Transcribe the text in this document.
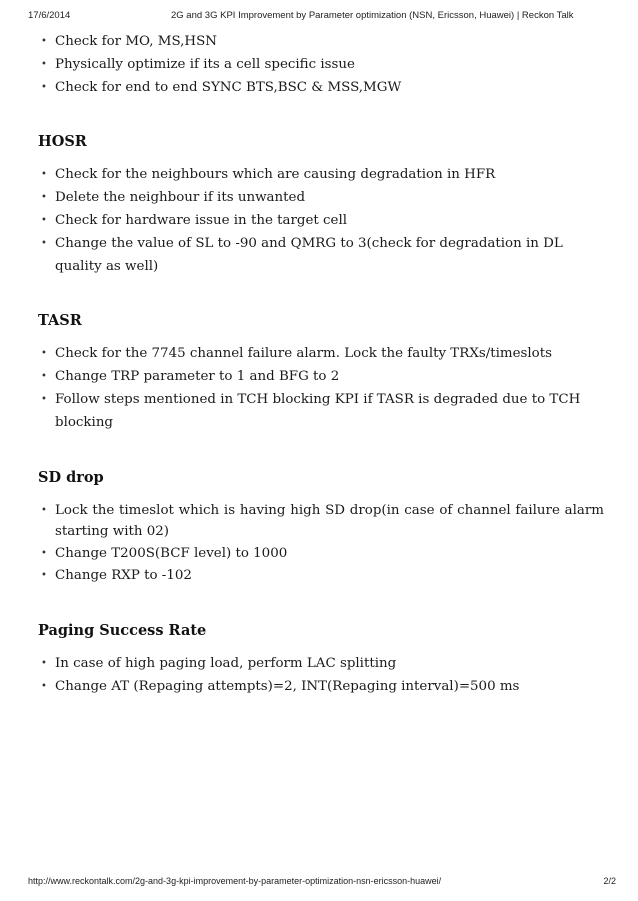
17/6/2014	2G and 3G KPI Improvement by Parameter optimization (NSN, Ericsson, Huawei) | Reckon Talk
• Check for MO, MS,HSN
• Physically optimize if its a cell specific issue
• Check for end to end SYNC BTS,BSC & MSS,MGW
HOSR
• Check for the neighbours which are causing degradation in HFR
• Delete the neighbour if its unwanted
• Check for hardware issue in the target cell
• Change the value of SL to -90 and QMRG to 3(check for degradation in DL quality as well)
TASR
• Check for the 7745 channel failure alarm. Lock the faulty TRXs/timeslots
• Change TRP parameter to 1 and BFG to 2
• Follow steps mentioned in TCH blocking KPI if TASR is degraded due to TCH blocking
SD drop
• Lock the timeslot which is having high SD drop(in case of channel failure alarm starting with 02)
• Change T200S(BCF level) to 1000
• Change RXP to -102
Paging Success Rate
• In case of high paging load, perform LAC splitting
• Change AT (Repaging attempts)=2, INT(Repaging interval)=500 ms
http://www.reckontalk.com/2g-and-3g-kpi-improvement-by-parameter-optimization-nsn-ericsson-huawei/	2/2
